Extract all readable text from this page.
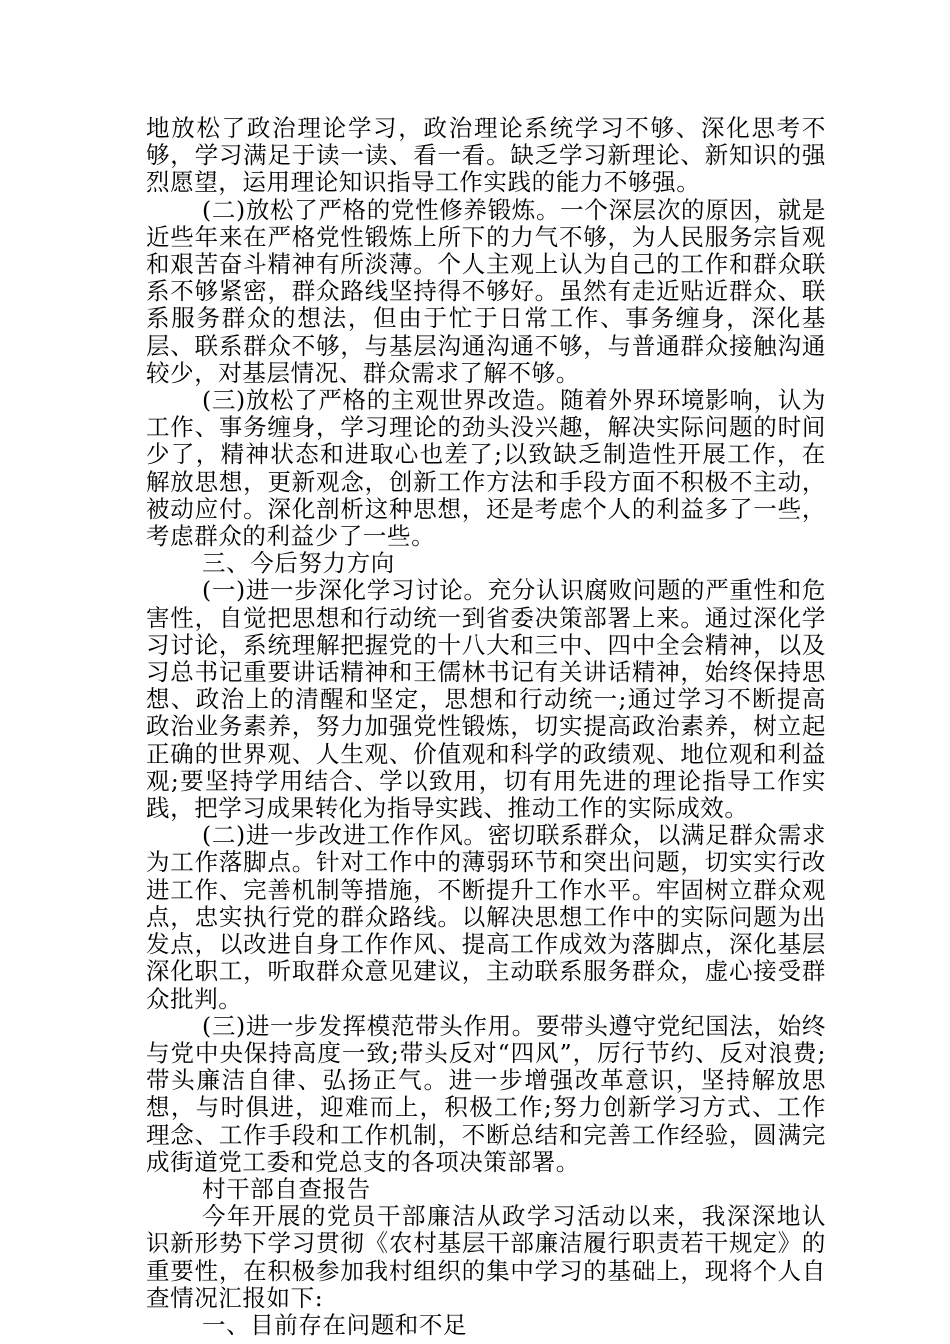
地放松了政治理论学习，政治理论系统学习不够、深化思考不够，学习满足于读一读、看一看。缺乏学习新理论、新知识的强烈愿望，运用理论知识指导工作实践的能力不够强。

(二)放松了严格的党性修养锻炼。一个深层次的原因，就是近些年来在严格党性锻炼上所下的力气不够，为人民服务宗旨观和艰苦奋斗精神有所淡薄。个人主观上认为自己的工作和群众联系不够紧密，群众路线坚持得不够好。虽然有走近贴近群众、联系服务群众的想法，但由于忙于日常工作、事务缠身，深化基层、联系群众不够，与基层沟通沟通不够，与普通群众接触沟通较少，对基层情况、群众需求了解不够。

(三)放松了严格的主观世界改造。随着外界环境影响，认为工作、事务缠身，学习理论的劲头没兴趣，解决实际问题的时间少了，精神状态和进取心也差了;以致缺乏制造性开展工作，在解放思想，更新观念，创新工作方法和手段方面不积极不主动，被动应付。深化剖析这种思想，还是考虑个人的利益多了一些，考虑群众的利益少了一些。

三、今后努力方向

(一)进一步深化学习讨论。充分认识腐败问题的严重性和危害性，自觉把思想和行动统一到省委决策部署上来。通过深化学习讨论，系统理解把握党的十八大和三中、四中全会精神，以及习总书记重要讲话精神和王儒林书记有关讲话精神，始终保持思想、政治上的清醒和坚定，思想和行动统一;通过学习不断提高政治业务素养，努力加强党性锻炼，切实提高政治素养，树立起正确的世界观、人生观、价值观和科学的政绩观、地位观和利益观;要坚持学用结合、学以致用，切有用先进的理论指导工作实践，把学习成果转化为指导实践、推动工作的实际成效。

(二)进一步改进工作作风。密切联系群众，以满足群众需求为工作落脚点。针对工作中的薄弱环节和突出问题，切实实行改进工作、完善机制等措施，不断提升工作水平。牢固树立群众观点，忠实执行党的群众路线。以解决思想工作中的实际问题为出发点，以改进自身工作作风、提高工作成效为落脚点，深化基层深化职工，听取群众意见建议，主动联系服务群众，虚心接受群众批判。

(三)进一步发挥模范带头作用。要带头遵守党纪国法，始终与党中央保持高度一致;带头反对“四风”，厉行节约、反对浪费;带头廉洁自律、弘扬正气。进一步增强改革意识，坚持解放思想，与时俱进，迎难而上，积极工作;努力创新学习方式、工作理念、工作手段和工作机制，不断总结和完善工作经验，圆满完成街道党工委和党总支的各项决策部署。

村干部自查报告

今年开展的党员干部廉洁从政学习活动以来，我深深地认识新形势下学习贯彻《农村基层干部廉洁履行职责若干规定》的重要性，在积极参加我村组织的集中学习的基础上，现将个人自查情况汇报如下:

一、目前存在问题和不足
